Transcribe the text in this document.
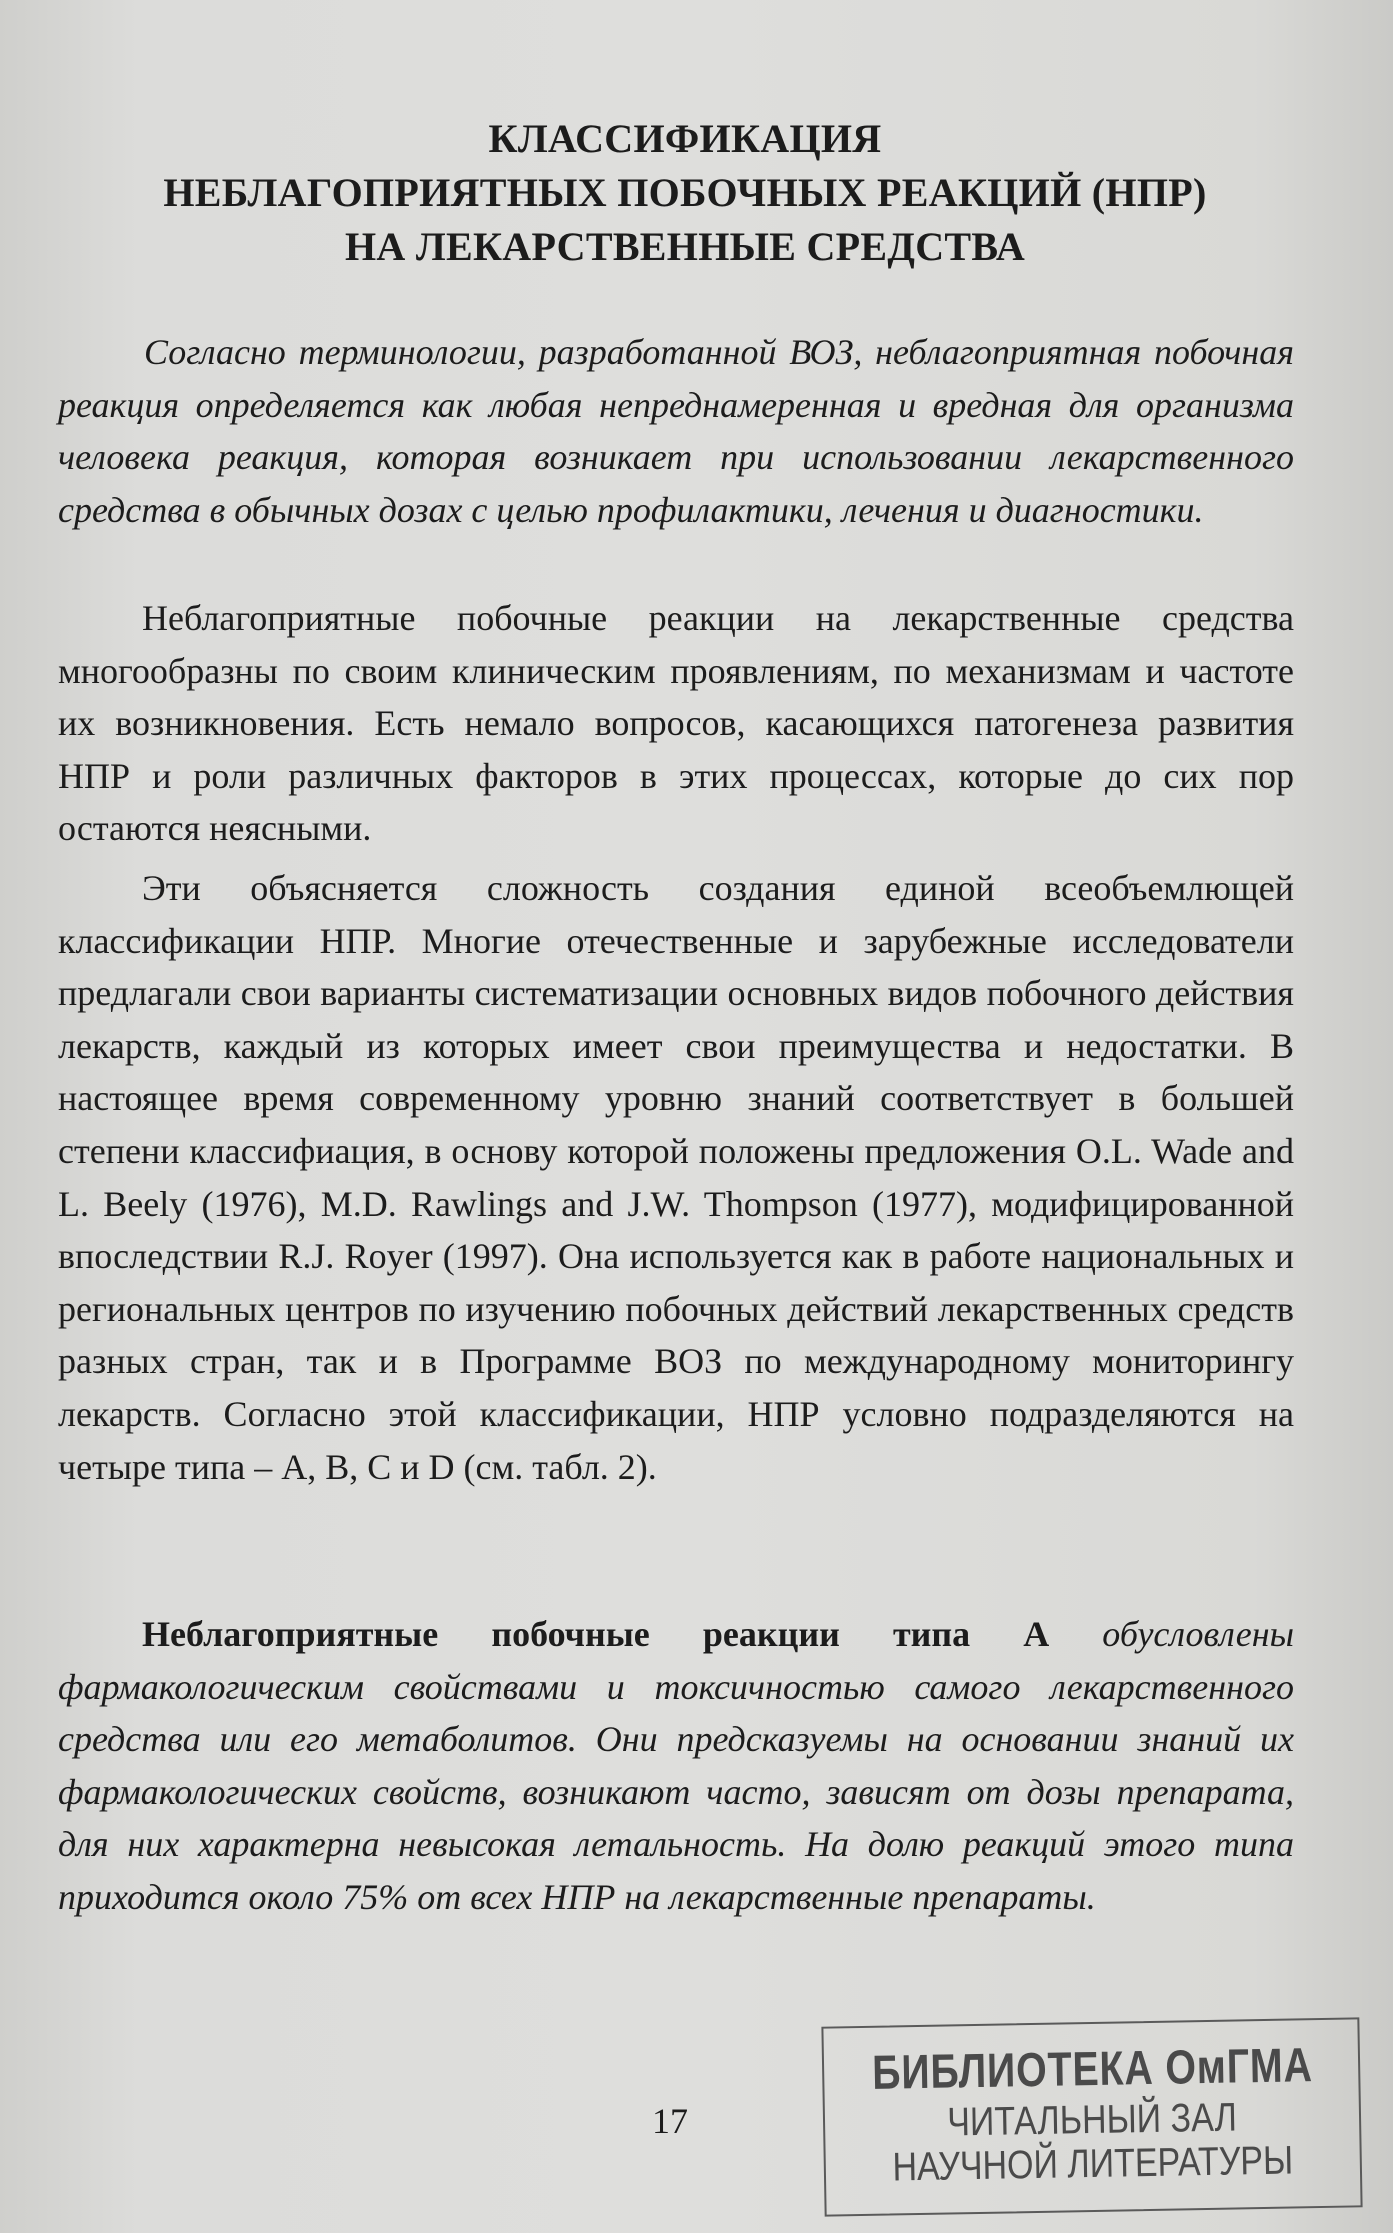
КЛАССИФИКАЦИЯ
НЕБЛАГОПРИЯТНЫХ ПОБОЧНЫХ РЕАКЦИЙ (НПР)
НА ЛЕКАРСТВЕННЫЕ СРЕДСТВА
Согласно терминологии, разработанной ВОЗ, неблагоприятная побочная реакция определяется как любая непреднамеренная и вредная для организма человека реакция, которая возникает при использовании лекарственного средства в обычных дозах с целью профилактики, лечения и диагностики.
Неблагоприятные побочные реакции на лекарственные средства многообразны по своим клиническим проявлениям, по механизмам и частоте их возникновения. Есть немало вопросов, касающихся патогенеза развития НПР и роли различных факторов в этих процессах, которые до сих пор остаются неясными.
Эти объясняется сложность создания единой всеобъемлющей классификации НПР. Многие отечественные и зарубежные исследователи предлагали свои варианты систематизации основных видов побочного действия лекарств, каждый из которых имеет свои преимущества и недостатки. В настоящее время современному уровню знаний соответствует в большей степени классифиация, в основу которой положены предложения O.L. Wade and L. Beely (1976), M.D. Rawlings and J.W. Thompson (1977), модифицированной впоследствии R.J. Royer (1997). Она используется как в работе национальных и региональных центров по изучению побочных действий лекарственных средств разных стран, так и в Программе ВОЗ по международному мониторингу лекарств. Согласно этой классификации, НПР условно подразделяются на четыре типа – A, B, C и D (см. табл. 2).
Неблагоприятные побочные реакции типа А обусловлены фармакологическим свойствами и токсичностью самого лекарственного средства или его метаболитов. Они предсказуемы на основании знаний их фармакологических свойств, возникают часто, зависят от дозы препарата, для них характерна невысокая летальность. На долю реакций этого типа приходится около 75% от всех НПР на лекарственные препараты.
17
БИБЛИОТЕКА ОмГМА
ЧИТАЛЬНЫЙ ЗАЛ
НАУЧНОЙ ЛИТЕРАТУРЫ
